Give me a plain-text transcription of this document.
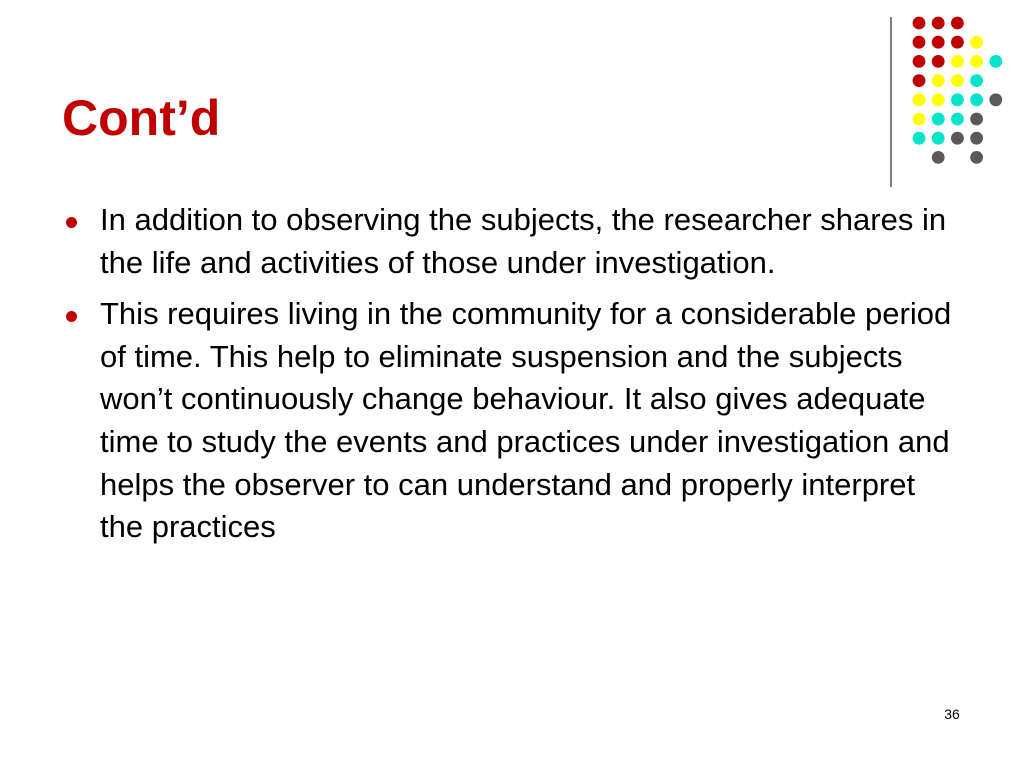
Cont’d
In addition to observing the subjects, the researcher shares in the life and activities of those under investigation.
This requires living in the community for a considerable period of time. This help to eliminate suspension and the subjects won’t continuously change behaviour. It also gives adequate time to study the events and practices under investigation and helps the observer to can understand and properly interpret the practices
36
